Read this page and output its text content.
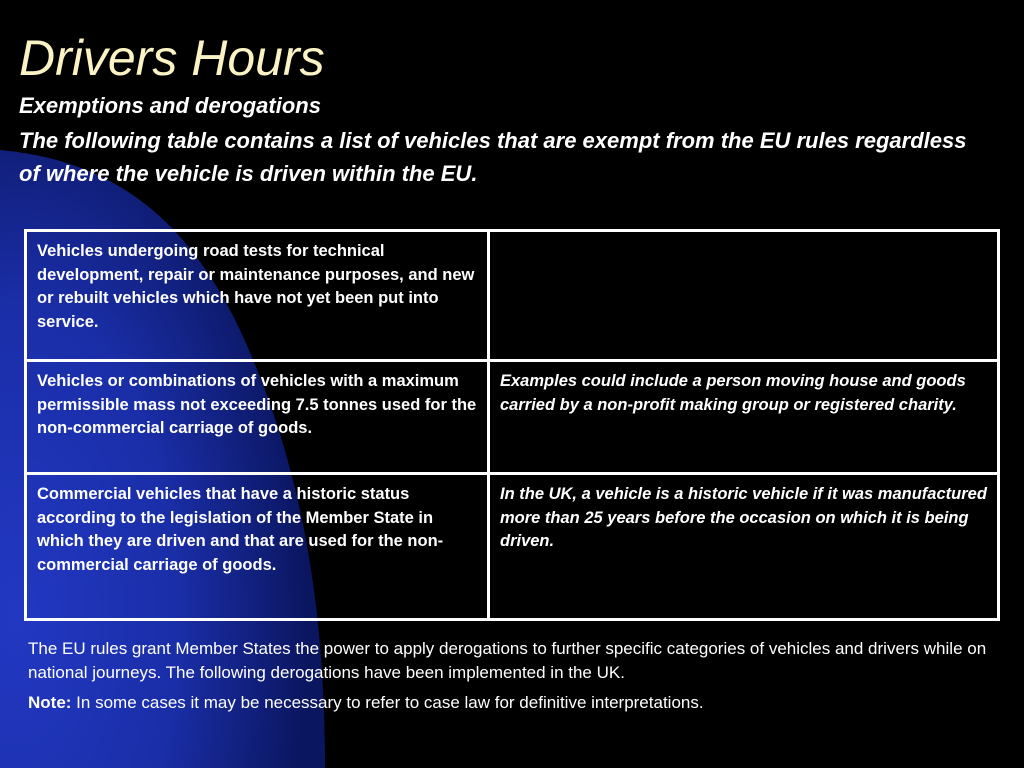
Drivers Hours
Exemptions and derogations
The following table contains a list of vehicles that are exempt from the EU rules regardless of where the vehicle is driven within the EU.
Vehicles undergoing road tests for technical development, repair or maintenance purposes, and new or rebuilt vehicles which have not yet been put into service.	
Vehicles or combinations of vehicles with a maximum permissible mass not exceeding 7.5 tonnes used for the non-commercial carriage of goods.	Examples could include a person moving house and goods carried by a non-profit making group or registered charity.
Commercial vehicles that have a historic status according to the legislation of the Member State in which they are driven and that are used for the non-commercial carriage of goods.	In the UK, a vehicle is a historic vehicle if it was manufactured more than 25 years before the occasion on which it is being driven.

The EU rules grant Member States the power to apply derogations to further specific categories of vehicles and drivers while on national journeys. The following derogations have been implemented in the UK.

Note: In some cases it may be necessary to refer to case law for definitive interpretations.
